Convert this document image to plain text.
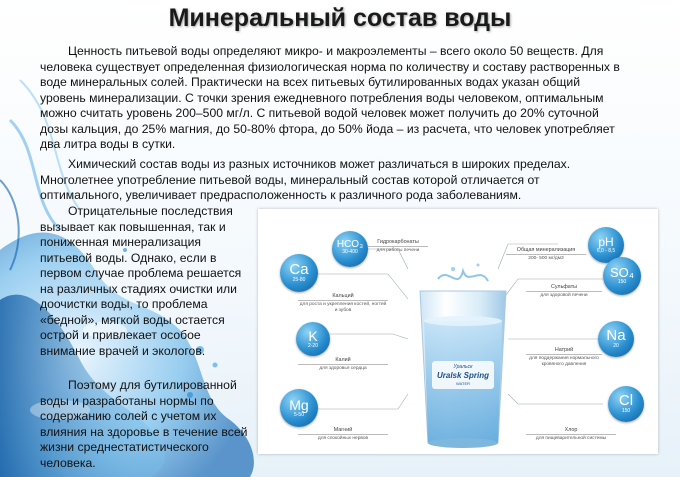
Минеральный состав воды

Ценность питьевой воды определяют микро- и макроэлементы – всего около 50 веществ. Для человека существует определенная физиологическая норма по количеству и составу растворенных в воде минеральных солей. Практически на всех питьевых бутилированных водах указан общий уровень минерализации. С точки зрения ежедневного потребления воды человеком, оптимальным можно считать уровень 200–500 мг/л. С питьевой водой человек может получить до 20% суточной дозы кальция, до 25% магния, до 50-80% фтора, до 50% йода – из расчета, что человек употребляет два литра воды в сутки.

Химический состав воды из разных источников может различаться в широких пределах. Многолетнее употребление питьевой воды, минеральный состав которой отличается от оптимального, увеличивает предрасположенность к различного рода заболеваниям.

Отрицательные последствия вызывает как повышенная, так и пониженная минерализация питьевой воды. Однако, если в первом случае проблема решается на различных стадиях очистки или доочистки воды, то проблема «бедной», мягкой воды остается острой и привлекает особое внимание врачей и экологов.

Поэтому для бутилированной воды и разработаны нормы по содержанию солей с учетом их влияния на здоровье в течение всей жизни среднестатистического человека.

HCO₃
30-400
Гидрокарбонаты
для работы печени
Ca
25-80
Кальций
для роста и укрепления костей, ногтей и зубов
K
2-20
Калий
для здоровья сердца
Mg
5-50
Магний
для спокойных нервов
pH
6,0 - 8,5
Общая минерализация
200- 500 мг/дм3
SO₄
150
Сульфаты
для здоровой печени
Na
20
Натрий
для поддержания нормального кровяного давления
Cl
150
Хлор
для пищеварительной системы
Уральск
Uralsk Spring
WATER
